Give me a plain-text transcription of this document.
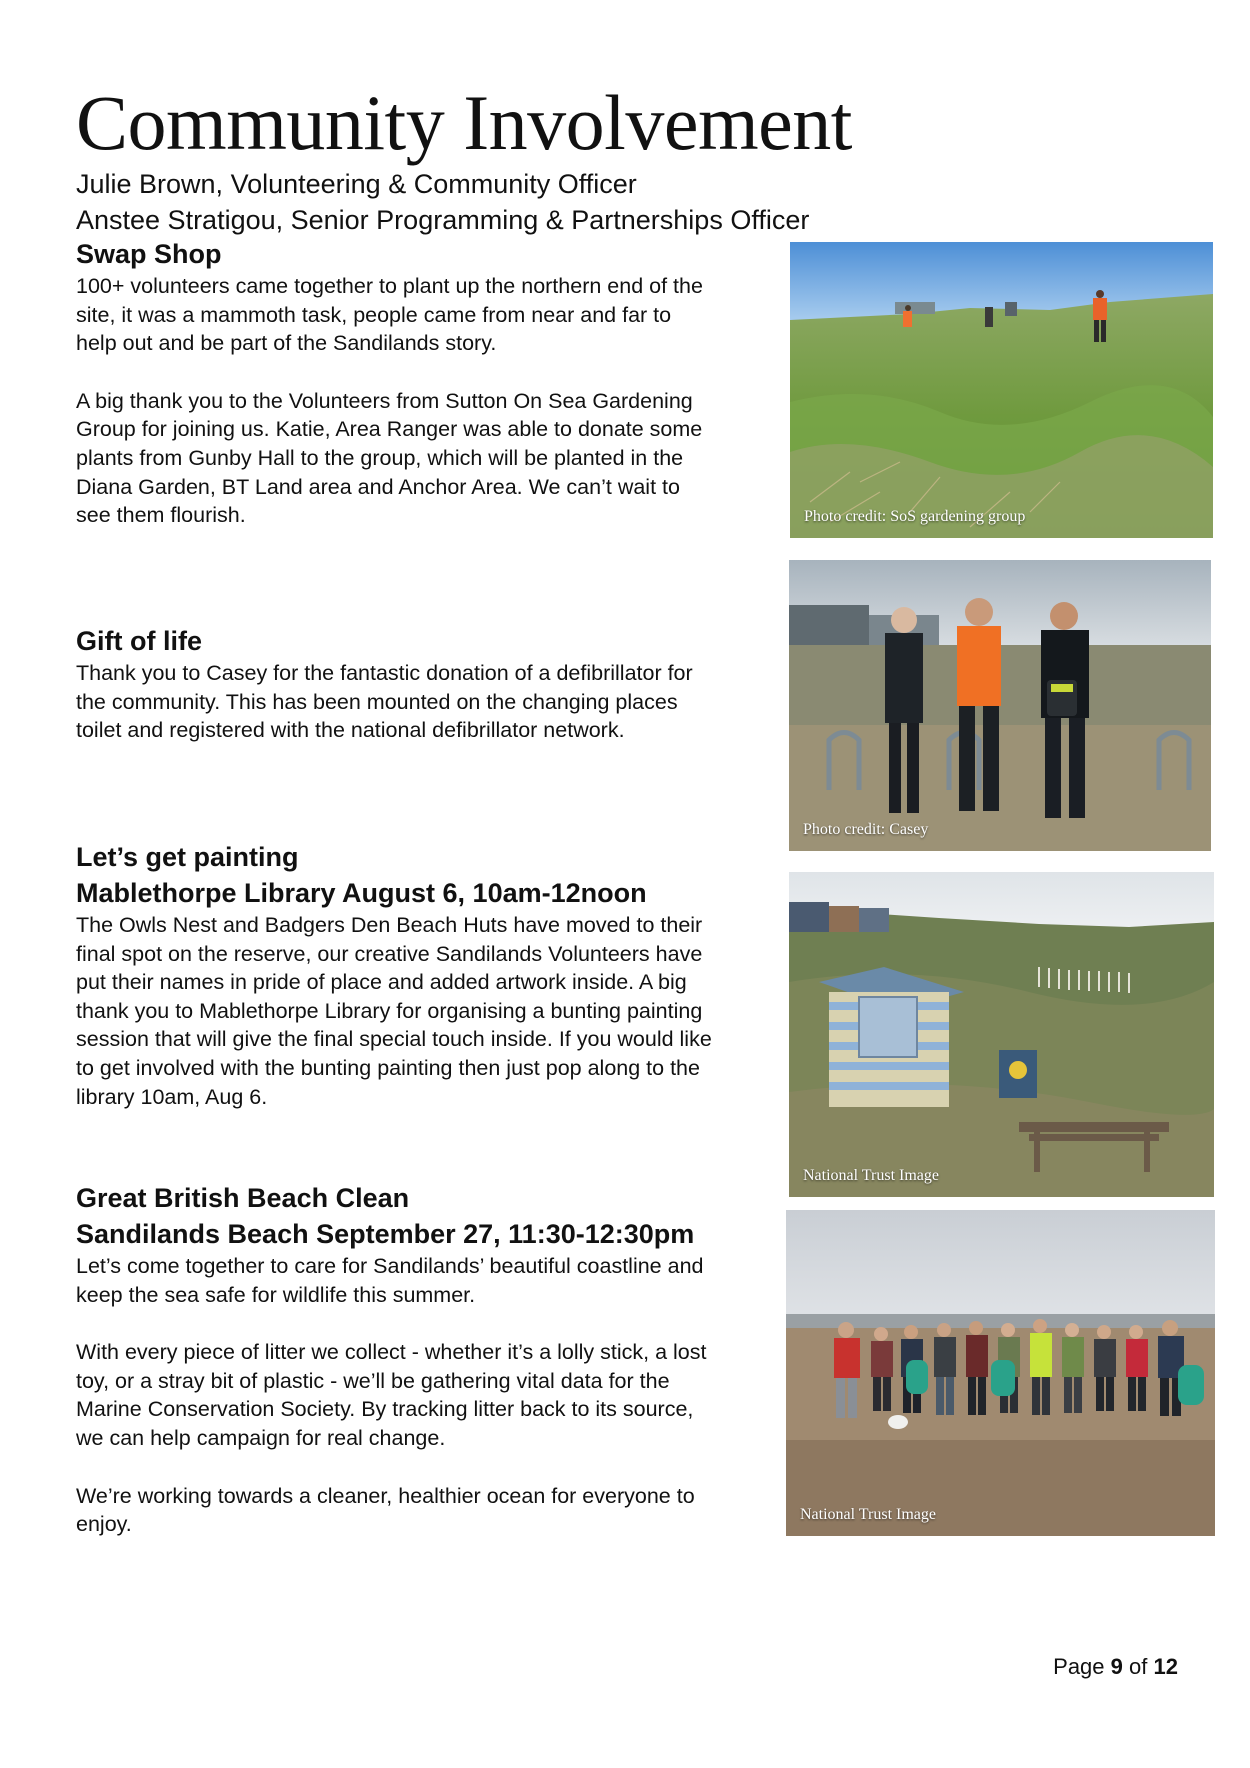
Community Involvement
Julie Brown, Volunteering & Community Officer
Anstee Stratigou, Senior Programming & Partnerships Officer
Swap Shop

100+ volunteers came together to plant up the northern end of the site, it was a mammoth task, people came from near and far to help out and be part of the Sandilands story.

A big thank you to the Volunteers from Sutton On Sea Gardening Group for joining us. Katie, Area Ranger was able to donate some plants from Gunby Hall to the group, which will be planted in the Diana Garden, BT Land area and Anchor Area. We can’t wait to see them flourish.

Gift of life

Thank you to Casey for the fantastic donation of a defibrillator for the community. This has been mounted on the changing places toilet and registered with the national defibrillator network.

Let’s get painting
Mablethorpe Library August 6, 10am-12noon

The Owls Nest and Badgers Den Beach Huts have moved to their final spot on the reserve, our creative Sandilands Volunteers have put their names in pride of place and added artwork inside. A big thank you to Mablethorpe Library for organising a bunting painting session that will give the final special touch inside. If you would like to get involved with the bunting painting then just pop along to the library 10am, Aug 6.

Great British Beach Clean
Sandilands Beach September 27, 11:30-12:30pm

Let’s come together to care for Sandilands’ beautiful coastline and keep the sea safe for wildlife this summer.

With every piece of litter we collect - whether it’s a lolly stick, a lost toy, or a stray bit of plastic - we’ll be gathering vital data for the Marine Conservation Society. By tracking litter back to its source, we can help campaign for real change.

We’re working towards a cleaner, healthier ocean for everyone to enjoy.

Photo credit: SoS gardening group
Photo credit: Casey
National Trust Image
National Trust Image
Page 9 of 12
